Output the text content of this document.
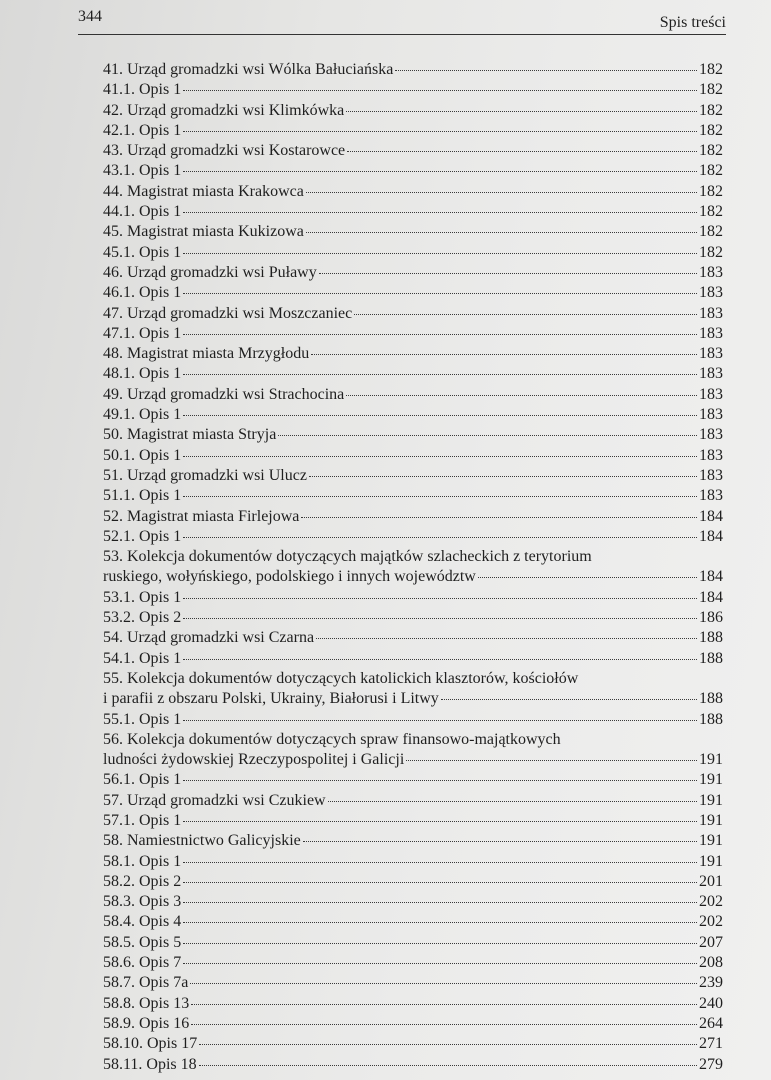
344	Spis treści
41. Urząd gromadzki wsi Wólka Bałuciańska	182
41.1. Opis 1	182
42. Urząd gromadzki wsi Klimkówka	182
42.1. Opis 1	182
43. Urząd gromadzki wsi Kostarowce	182
43.1. Opis 1	182
44. Magistrat miasta Krakowca	182
44.1. Opis 1	182
45. Magistrat miasta Kukizowa	182
45.1. Opis 1	182
46. Urząd gromadzki wsi Puławy	183
46.1. Opis 1	183
47. Urząd gromadzki wsi Moszczaniec	183
47.1. Opis 1	183
48. Magistrat miasta Mrzygłodu	183
48.1. Opis 1	183
49. Urząd gromadzki wsi Strachocina	183
49.1. Opis 1	183
50. Magistrat miasta Stryja	183
50.1. Opis 1	183
51. Urząd gromadzki wsi Ulucz	183
51.1. Opis 1	183
52. Magistrat miasta Firlejowa	184
52.1. Opis 1	184
53. Kolekcja dokumentów dotyczących majątków szlacheckich z terytorium
ruskiego, wołyńskiego, podolskiego i innych województw	184
53.1. Opis 1	184
53.2. Opis 2	186
54. Urząd gromadzki wsi Czarna	188
54.1. Opis 1	188
55. Kolekcja dokumentów dotyczących katolickich klasztorów, kościołów
i parafii z obszaru Polski, Ukrainy, Białorusi i Litwy	188
55.1. Opis 1	188
56. Kolekcja dokumentów dotyczących spraw finansowo-majątkowych
ludności żydowskiej Rzeczypospolitej i Galicji	191
56.1. Opis 1	191
57. Urząd gromadzki wsi Czukiew	191
57.1. Opis 1	191
58. Namiestnictwo Galicyjskie	191
58.1. Opis 1	191
58.2. Opis 2	201
58.3. Opis 3	202
58.4. Opis 4	202
58.5. Opis 5	207
58.6. Opis 7	208
58.7. Opis 7a	239
58.8. Opis 13	240
58.9. Opis 16	264
58.10. Opis 17	271
58.11. Opis 18	279
